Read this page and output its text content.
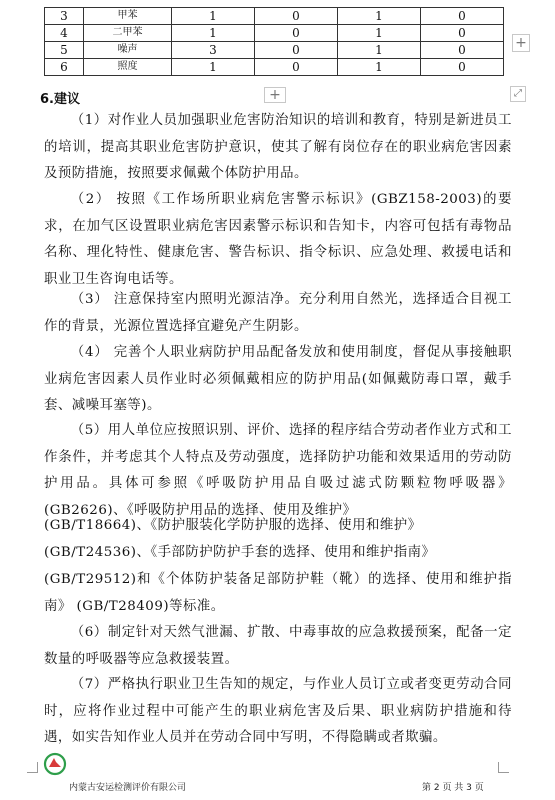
3	甲苯	1	0	1	0
4	二甲苯	1	0	1	0
5	噪声	3	0	1	0
6	照度	1	0	1	0
+
+	⤢
6.建议
（1）对作业人员加强职业危害防治知识的培训和教育，特别是新进员工的培训，提高其职业危害防护意识，使其了解有岗位存在的职业病危害因素及预防措施，按照要求佩戴个体防护用品。
（2） 按照《工作场所职业病危害警示标识》(GBZ158-2003)的要求，在加气区设置职业病危害因素警示标识和告知卡，内容可包括有毒物品名称、理化特性、健康危害、警告标识、指令标识、应急处理、救援电话和职业卫生咨询电话等。
（3） 注意保持室内照明光源洁净。充分利用自然光，选择适合目视工作的背景，光源位置选择宜避免产生阴影。
（4） 完善个人职业病防护用品配备发放和使用制度，督促从事接触职业病危害因素人员作业时必须佩戴相应的防护用品(如佩戴防毒口罩，戴手套、减噪耳塞等)。
（5）用人单位应按照识别、评价、选择的程序结合劳动者作业方式和工作条件，并考虑其个人特点及劳动强度，选择防护功能和效果适用的劳动防护用品。具体可参照《呼吸防护用品自吸过滤式防颗粒物呼吸器》 (GB2626)、《呼吸防护用品的选择、使用及维护》
(GB/T18664)、《防护服装化学防护服的选择、使用和维护》
(GB/T24536)、《手部防护防护手套的选择、使用和维护指南》
(GB/T29512)和《个体防护装备足部防护鞋（靴）的选择、使用和维护指南》 (GB/T28409)等标准。
（6）制定针对天然气泄漏、扩散、中毒事故的应急救援预案，配备一定数量的呼吸器等应急救援装置。
（7）严格执行职业卫生告知的规定，与作业人员订立或者变更劳动合同时，应将作业过程中可能产生的职业病危害及后果、职业病防护措施和待遇，如实告知作业人员并在劳动合同中写明，不得隐瞒或者欺骗。
内蒙古安运检测评价有限公司	第 2 页 共 3 页
